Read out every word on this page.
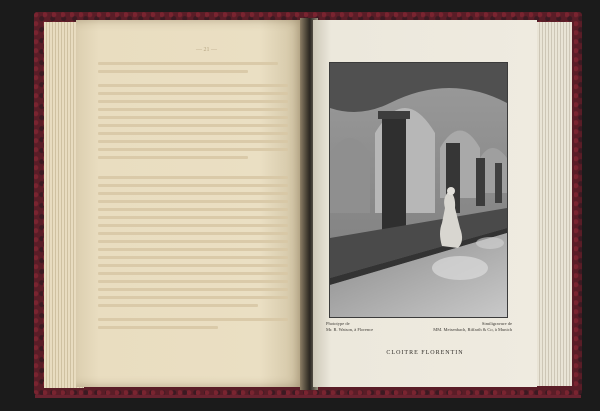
— 21 —
Phototype de
Mr. R. Watson, à Florence
Similigravure de
MM. Meisenbach, Riffarth & Co, à Munich
CLOITRE FLORENTIN
